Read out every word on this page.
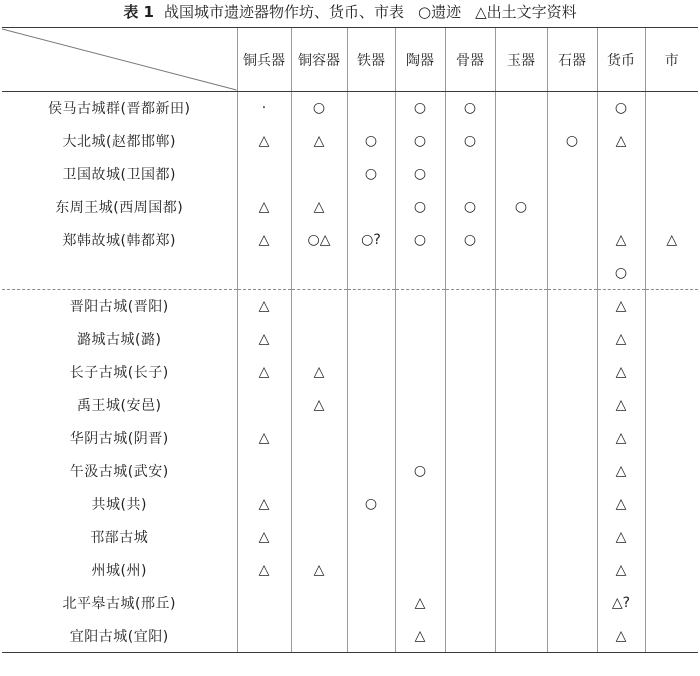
表 1 战国城市遗迹器物作坊、货币、市表 ○遗迹 △出土文字资料
	铜兵器	铜容器	铁器	陶器	骨器	玉器	石器	货币	市
侯马古城群(晋都新田)	·	○		○	○			○	
大北城(赵都邯郸)	△	△	○	○	○		○	△	
卫国故城(卫国都)			○	○					
东周王城(西周国都)	△	△		○	○	○			
郑韩故城(韩都郑)	△	○△	○?	○	○			△	△
								○	
晋阳古城(晋阳)	△							△	
潞城古城(潞)	△							△	
长子古城(长子)	△	△						△	
禹王城(安邑)		△						△	
华阴古城(阴晋)	△							△	
午汲古城(武安)				○				△	
共城(共)	△		○					△	
邗郚古城	△							△	
州城(州)	△	△						△	
北平皋古城(邢丘)				△				△?	
宜阳古城(宜阳)				△				△	
